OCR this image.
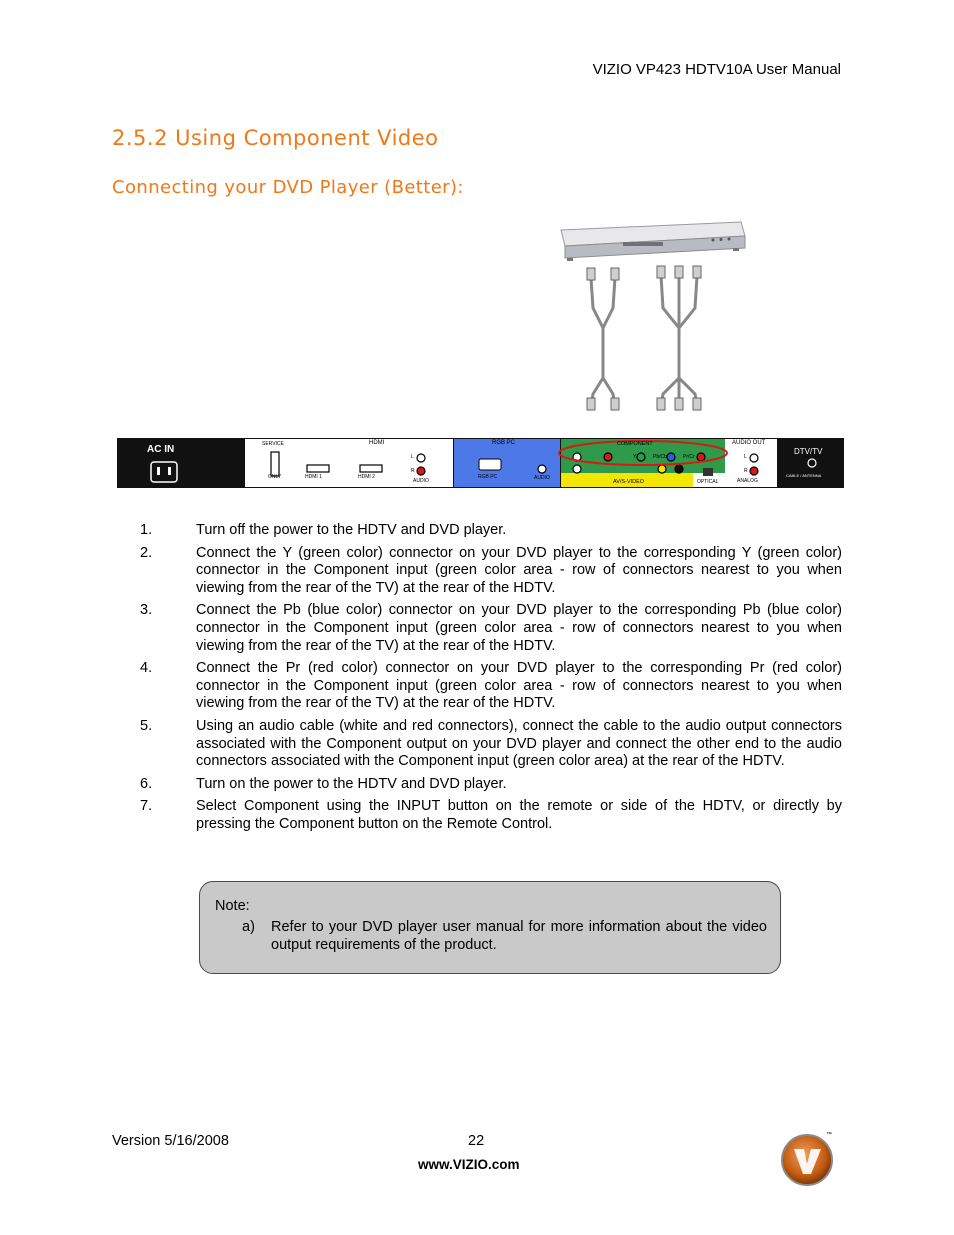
VIZIO VP423 HDTV10A User Manual
2.5.2 Using Component Video
Connecting your DVD Player (Better):
AC IN	SERVICE
ONLY
HDMI
HDMI 1	HDMI 2
L
R
AUDIO
RGB PC
RGB PC	AUDIO
COMPONENT
Y	Pb/Cb	Pr/Cr
AV/S-VIDEO	OPTICAL
AUDIO OUT
L
R
ANALOG
DTV/TV
CABLE / ANTENNA
1.	Turn off the power to the HDTV and DVD player.
2.	Connect the Y (green color) connector on your DVD player to the corresponding Y (green color) connector in the Component input (green color area - row of connectors nearest to you when viewing from the rear of the TV) at the rear of the HDTV.
3.	Connect the Pb (blue color) connector on your DVD player to the corresponding Pb (blue color) connector in the Component input (green color area - row of connectors nearest to you when viewing from the rear of the TV) at the rear of the HDTV.
4.	Connect the Pr (red color) connector on your DVD player to the corresponding Pr (red color) connector in the Component input (green color area - row of connectors nearest to you when viewing from the rear of the TV) at the rear of the HDTV.
5.	Using an audio cable (white and red connectors), connect the cable to the audio output connectors associated with the Component output on your DVD player and connect the other end to the audio connectors associated with the Component input (green color area) at the rear of the HDTV.
6.	Turn on the power to the HDTV and DVD player.
7.	Select Component using the INPUT button on the remote or side of the HDTV, or directly by pressing the Component button on the Remote Control.
Note:
a)	Refer to your DVD player user manual for more information about the video output requirements of the product.
Version 5/16/2008	22
www.VIZIO.com
™
